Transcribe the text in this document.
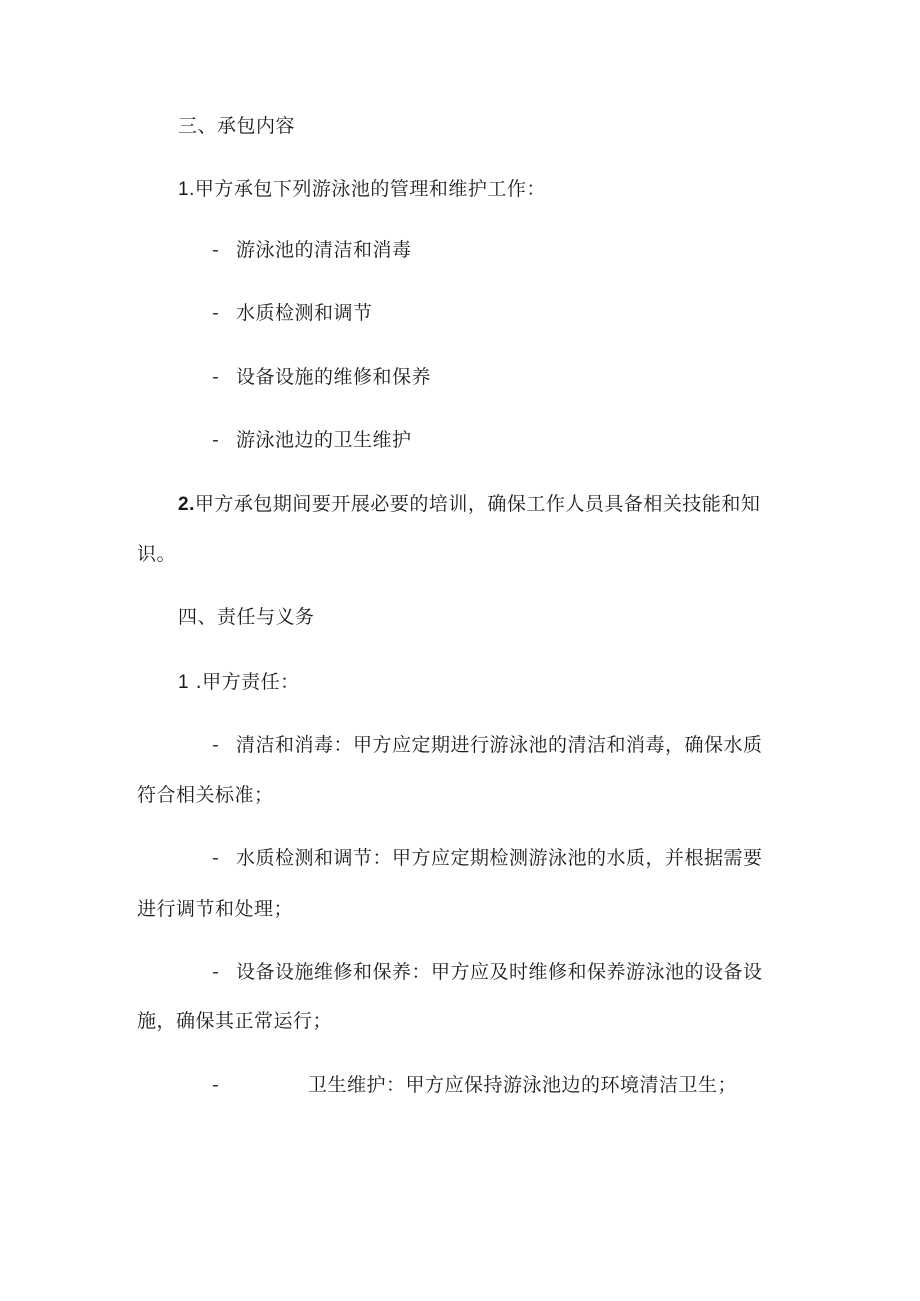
三、承包内容
1.甲方承包下列游泳池的管理和维护工作：
- 游泳池的清洁和消毒
- 水质检测和调节
- 设备设施的维修和保养
- 游泳池边的卫生维护
2.甲方承包期间要开展必要的培训，确保工作人员具备相关技能和知
识。
四、责任与义务
1 .甲方责任：
- 清洁和消毒：甲方应定期进行游泳池的清洁和消毒，确保水质
符合相关标准；
- 水质检测和调节：甲方应定期检测游泳池的水质，并根据需要
进行调节和处理；
- 设备设施维修和保养：甲方应及时维修和保养游泳池的设备设
施，确保其正常运行；
-	卫生维护：甲方应保持游泳池边的环境清洁卫生；
